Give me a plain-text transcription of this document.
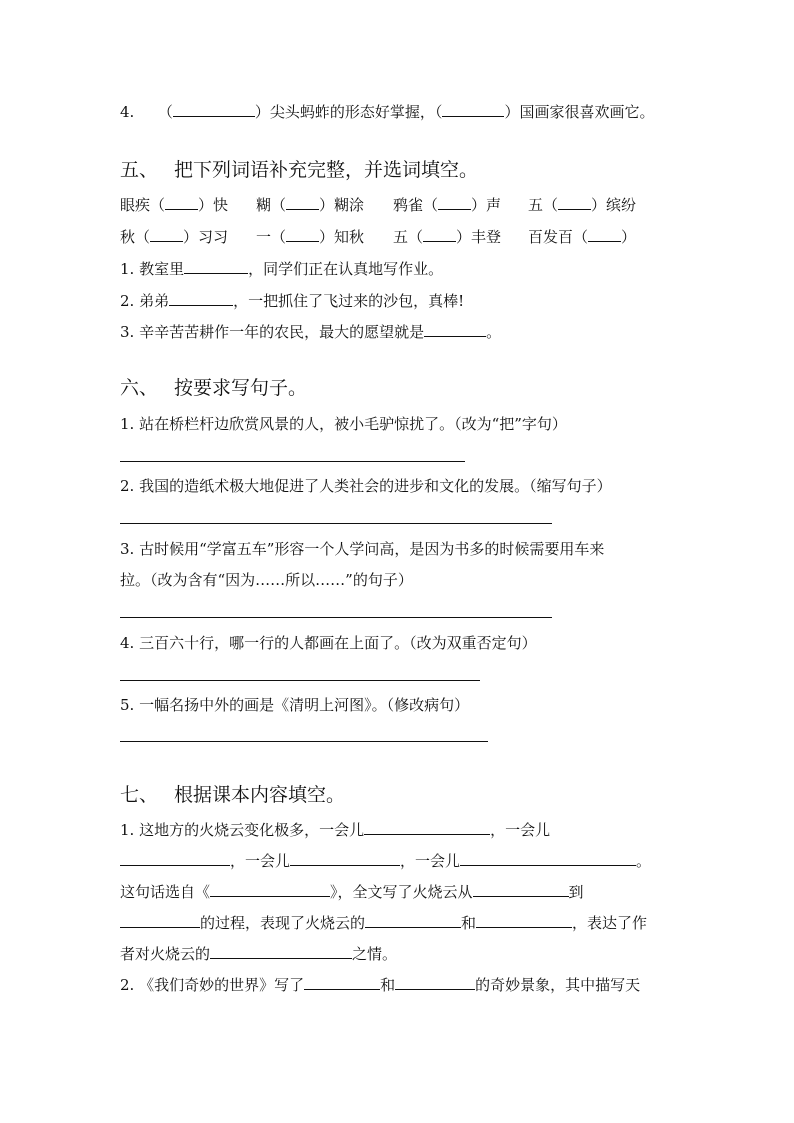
4. （	）尖头蚂蚱的形态好掌握，（	）国画家很喜欢画它。
五、 把下列词语补充完整，并选词填空。
眼疾（ ）快 糊（ ）糊涂 鸦雀（ ）声 五（ ）缤纷
秋（ ）习习 一（ ）知秋 五（ ）丰登 百发百（ ）
1. 教室里	，同学们正在认真地写作业。
2. 弟弟	，一把抓住了飞过来的沙包，真棒!
3. 辛辛苦苦耕作一年的农民，最大的愿望就是	。
六、 按要求写句子。
1. 站在桥栏杆边欣赏风景的人，被小毛驴惊扰了。（改为“把”字句）
2. 我国的造纸术极大地促进了人类社会的进步和文化的发展。（缩写句子）
3. 古时候用“学富五车”形容一个人学问高，是因为书多的时候需要用车来
拉。（改为含有“因为……所以……”的句子）
4. 三百六十行，哪一行的人都画在上面了。（改为双重否定句）
5. 一幅名扬中外的画是《清明上河图》。（修改病句）
七、 根据课本内容填空。
1. 这地方的火烧云变化极多，一会儿	，一会儿
，一会儿	，一会儿	。
这句话选自《	》，全文写了火烧云从	到
的过程，表现了火烧云的	和	，表达了作
者对火烧云的	之情。
2. 《我们奇妙的世界》写了	和	的奇妙景象，其中描写天
